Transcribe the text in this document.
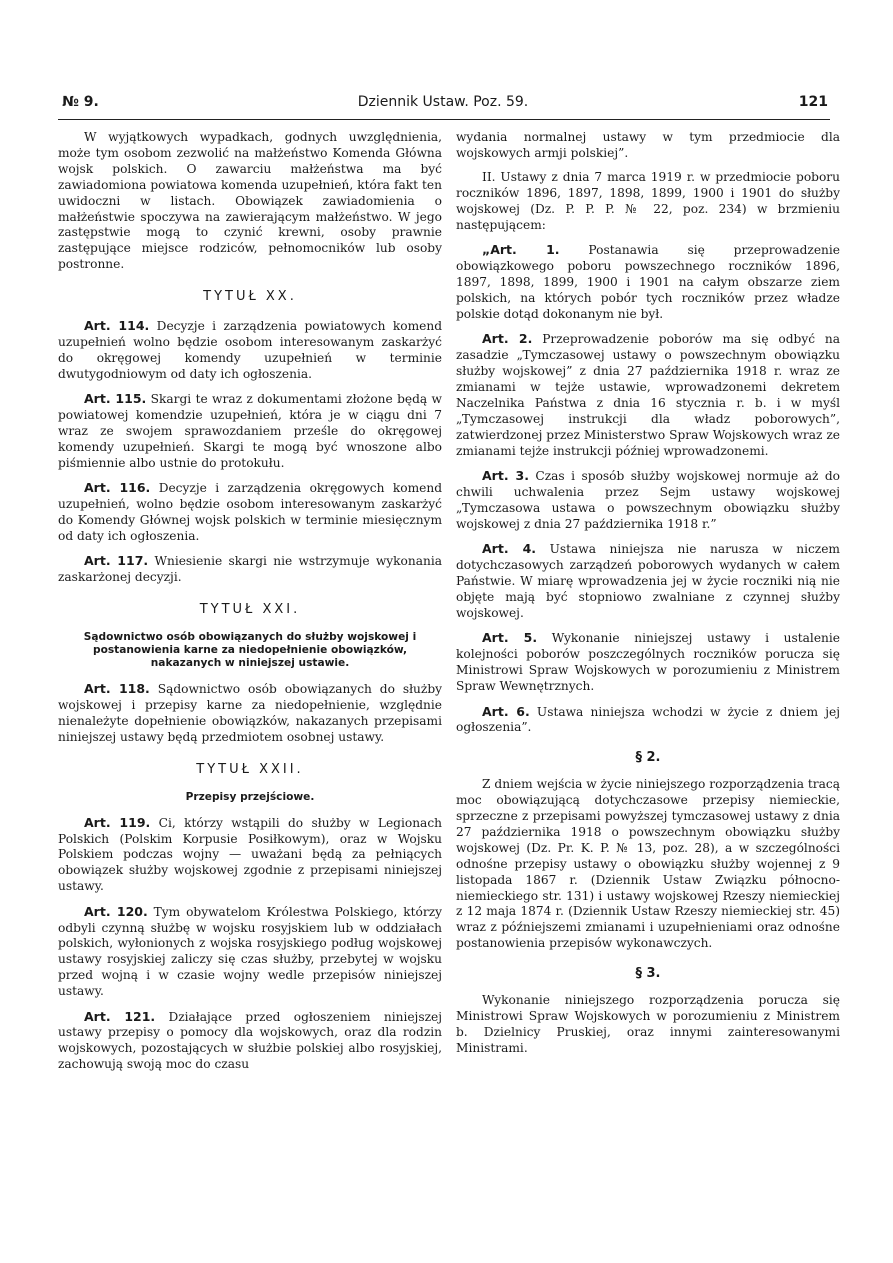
№ 9.	Dziennik Ustaw. Poz. 59.	121

W wyjątkowych wypadkach, godnych uwzględnienia, może tym osobom zezwolić na małżeństwo Komenda Główna wojsk polskich. O zawarciu małżeństwa ma być zawiadomiona powiatowa komenda uzupełnień, która fakt ten uwidoczni w listach. Obowiązek zawiadomienia o małżeństwie spoczywa na zawierającym małżeństwo. W jego zastępstwie mogą to czynić krewni, osoby prawnie zastępujące miejsce rodziców, pełnomocników lub osoby postronne.

TYTUŁ XX.

Art. 114. Decyzje i zarządzenia powiatowych komend uzupełnień wolno będzie osobom interesowanym zaskarżyć do okręgowej komendy uzupełnień w terminie dwutygodniowym od daty ich ogłoszenia.

Art. 115. Skargi te wraz z dokumentami złożone będą w powiatowej komendzie uzupełnień, która je w ciągu dni 7 wraz ze swojem sprawozdaniem prześle do okręgowej komendy uzupełnień. Skargi te mogą być wnoszone albo piśmiennie albo ustnie do protokułu.

Art. 116. Decyzje i zarządzenia okręgowych komend uzupełnień, wolno będzie osobom interesowanym zaskarżyć do Komendy Głównej wojsk polskich w terminie miesięcznym od daty ich ogłoszenia.

Art. 117. Wniesienie skargi nie wstrzymuje wykonania zaskarżonej decyzji.

TYTUŁ XXI.
Sądownictwo osób obowiązanych do służby wojskowej i postanowienia karne za niedopełnienie obowiązków, nakazanych w niniejszej ustawie.

Art. 118. Sądownictwo osób obowiązanych do służby wojskowej i przepisy karne za niedopełnienie, względnie nienależyte dopełnienie obowiązków, nakazanych przepisami niniejszej ustawy będą przedmiotem osobnej ustawy.

TYTUŁ XXII.
Przepisy przejściowe.

Art. 119. Ci, którzy wstąpili do służby w Legionach Polskich (Polskim Korpusie Posiłkowym), oraz w Wojsku Polskiem podczas wojny — uważani będą za pełniących obowiązek służby wojskowej zgodnie z przepisami niniejszej ustawy.

Art. 120. Tym obywatelom Królestwa Polskiego, którzy odbyli czynną służbę w wojsku rosyjskiem lub w oddziałach polskich, wyłonionych z wojska rosyjskiego podług wojskowej ustawy rosyjskiej zaliczy się czas służby, przebytej w wojsku przed wojną i w czasie wojny wedle przepisów niniejszej ustawy.

Art. 121. Działające przed ogłoszeniem niniejszej ustawy przepisy o pomocy dla wojskowych, oraz dla rodzin wojskowych, pozostających w służbie polskiej albo rosyjskiej, zachowują swoją moc do czasu

wydania normalnej ustawy w tym przedmiocie dla wojskowych armji polskiej”.

II. Ustawy z dnia 7 marca 1919 r. w przedmiocie poboru roczników 1896, 1897, 1898, 1899, 1900 i 1901 do służby wojskowej (Dz. P. P. P. № 22, poz. 234) w brzmieniu następującem:

„Art. 1. Postanawia się przeprowadzenie obowiązkowego poboru powszechnego roczników 1896, 1897, 1898, 1899, 1900 i 1901 na całym obszarze ziem polskich, na których pobór tych roczników przez władze polskie dotąd dokonanym nie był.

Art. 2. Przeprowadzenie poborów ma się odbyć na zasadzie „Tymczasowej ustawy o powszechnym obowiązku służby wojskowej” z dnia 27 października 1918 r. wraz ze zmianami w tejże ustawie, wprowadzonemi dekretem Naczelnika Państwa z dnia 16 stycznia r. b. i w myśl „Tymczasowej instrukcji dla władz poborowych”, zatwierdzonej przez Ministerstwo Spraw Wojskowych wraz ze zmianami tejże instrukcji później wprowadzonemi.

Art. 3. Czas i sposób służby wojskowej normuje aż do chwili uchwalenia przez Sejm ustawy wojskowej „Tymczasowa ustawa o powszechnym obowiązku służby wojskowej z dnia 27 października 1918 r.”

Art. 4. Ustawa niniejsza nie narusza w niczem dotychczasowych zarządzeń poborowych wydanych w całem Państwie. W miarę wprowadzenia jej w życie roczniki nią nie objęte mają być stopniowo zwalniane z czynnej służby wojskowej.

Art. 5. Wykonanie niniejszej ustawy i ustalenie kolejności poborów poszczególnych roczników porucza się Ministrowi Spraw Wojskowych w porozumieniu z Ministrem Spraw Wewnętrznych.

Art. 6. Ustawa niniejsza wchodzi w życie z dniem jej ogłoszenia”.

§ 2.

Z dniem wejścia w życie niniejszego rozporządzenia tracą moc obowiązującą dotychczasowe przepisy niemieckie, sprzeczne z przepisami powyższej tymczasowej ustawy z dnia 27 października 1918 o powszechnym obowiązku służby wojskowej (Dz. Pr. K. P. № 13, poz. 28), a w szczególności odnośne przepisy ustawy o obowiązku służby wojennej z 9 listopada 1867 r. (Dziennik Ustaw Związku północno-niemieckiego str. 131) i ustawy wojskowej Rzeszy niemieckiej z 12 maja 1874 r. (Dziennik Ustaw Rzeszy niemieckiej str. 45) wraz z późniejszemi zmianami i uzupełnieniami oraz odnośne postanowienia przepisów wykonawczych.

§ 3.

Wykonanie niniejszego rozporządzenia porucza się Ministrowi Spraw Wojskowych w porozumieniu z Ministrem b. Dzielnicy Pruskiej, oraz innymi zainteresowanymi Ministrami.
